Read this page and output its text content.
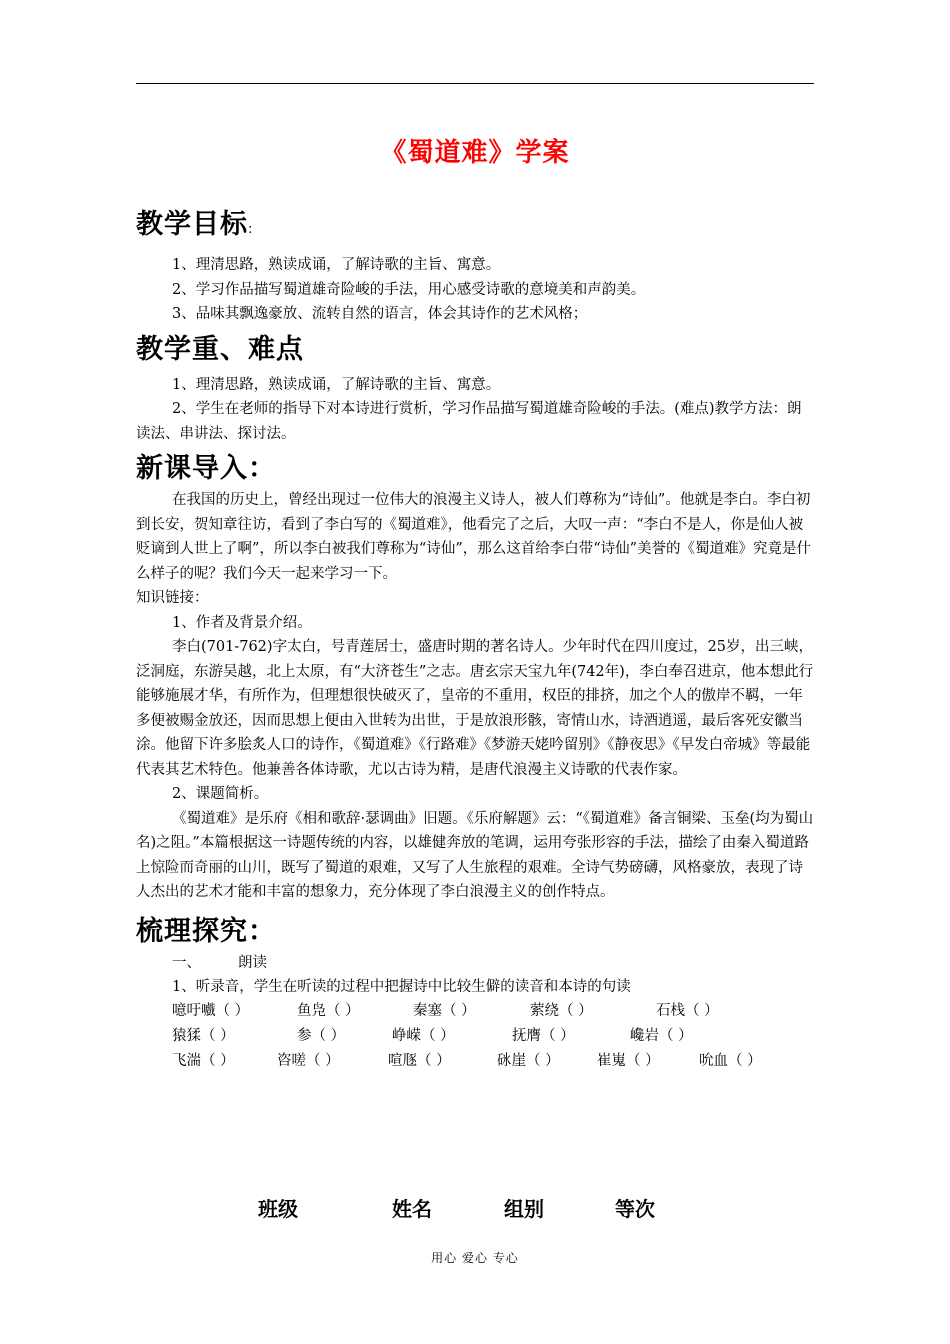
《蜀道难》学案
教学目标:

1、理清思路，熟读成诵，了解诗歌的主旨、寓意。

2、学习作品描写蜀道雄奇险峻的手法，用心感受诗歌的意境美和声韵美。

3、品味其飘逸豪放、流转自然的语言，体会其诗作的艺术风格；

教学重、难点

1、理清思路，熟读成诵，了解诗歌的主旨、寓意。

2、学生在老师的指导下对本诗进行赏析，学习作品描写蜀道雄奇险峻的手法。(难点)教学方法：朗读法、串讲法、探讨法。

新课导入：

在我国的历史上，曾经出现过一位伟大的浪漫主义诗人，被人们尊称为“诗仙”。他就是李白。李白初到长安，贺知章往访，看到了李白写的《蜀道难》，他看完了之后，大叹一声：“李白不是人，你是仙人被贬谪到人世上了啊”，所以李白被我们尊称为“诗仙”，那么这首给李白带“诗仙”美誉的《蜀道难》究竟是什么样子的呢？我们今天一起来学习一下。

知识链接：

1、作者及背景介绍。

李白(701-762)字太白，号青莲居士，盛唐时期的著名诗人。少年时代在四川度过，25岁，出三峡，泛洞庭，东游吴越，北上太原，有“大济苍生”之志。唐玄宗天宝九年(742年)，李白奉召进京，他本想此行能够施展才华，有所作为，但理想很快破灭了，皇帝的不重用，权臣的排挤，加之个人的傲岸不羁，一年多便被赐金放还，因而思想上便由入世转为出世，于是放浪形骸，寄情山水，诗酒逍遥，最后客死安徽当涂。他留下许多脍炙人口的诗作，《蜀道难》《行路难》《梦游天姥吟留别》《静夜思》《早发白帝城》等最能代表其艺术特色。他兼善各体诗歌，尤以古诗为精，是唐代浪漫主义诗歌的代表作家。

2、课题简析。

《蜀道难》是乐府《相和歌辞·瑟调曲》旧题。《乐府解题》云：“《蜀道难》备言铜梁、玉垒(均为蜀山名)之阻。”本篇根据这一诗题传统的内容，以雄健奔放的笔调，运用夸张形容的手法，描绘了由秦入蜀道路上惊险而奇丽的山川，既写了蜀道的艰难，又写了人生旅程的艰难。全诗气势磅礴，风格豪放，表现了诗人杰出的艺术才能和丰富的想象力，充分体现了李白浪漫主义的创作特点。

梳理探究：
一、	朗读

1、听录音，学生在听读的过程中把握诗中比较生僻的读音和本诗的句读

噫吁嚱（ ）	鱼凫（ ）	秦塞（ ）	萦绕（ ）	石栈（ ）
猿猱（ ）	参（ ）	峥嵘（ ）	抚膺（ ）	巉岩（ ）
飞湍（ ）	咨嗟（ ）	喧豗（ ）	砯崖（ ）	崔嵬（ ）	吮血（ ）
班级	姓名	组别	等次
用心 爱心 专心
